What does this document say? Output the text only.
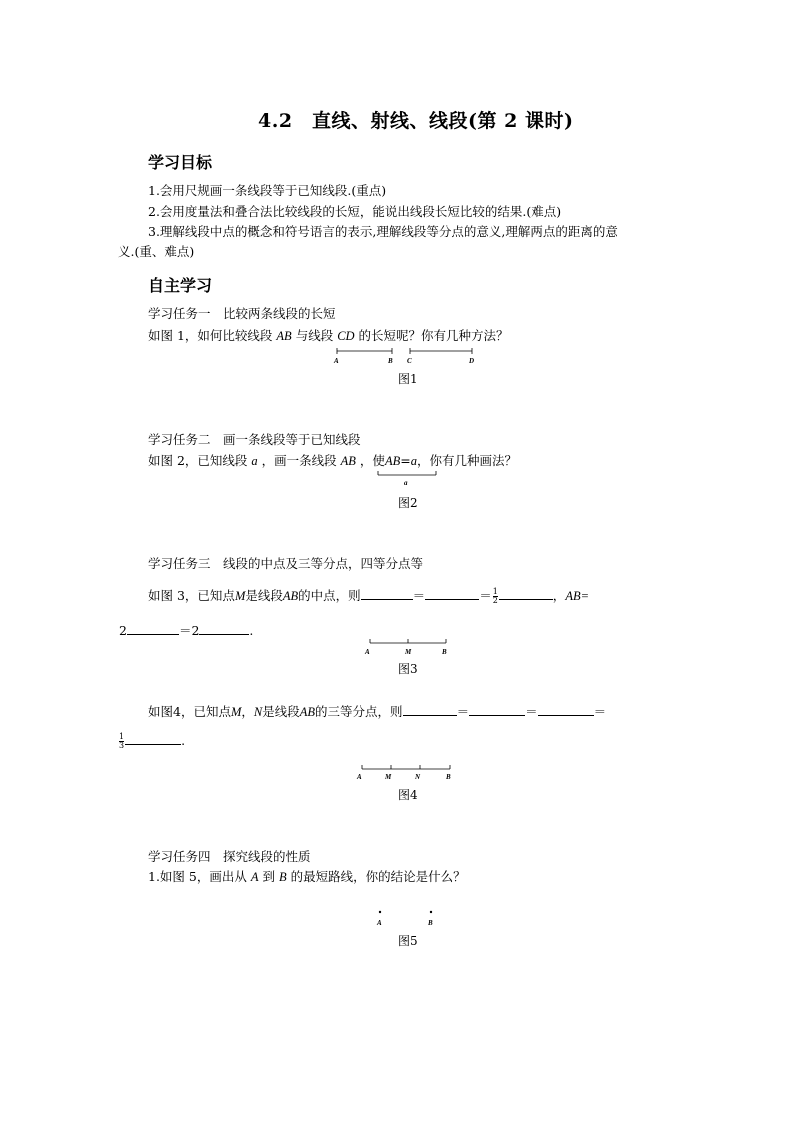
4.2　直线、射线、线段(第 2 课时)
学习目标
1.会用尺规画一条线段等于已知线段.(重点)
2.会用度量法和叠合法比较线段的长短，能说出线段长短比较的结果.(难点)
3.理解线段中点的概念和符号语言的表示,理解线段等分点的意义,理解两点的距离的意
义.(重、难点)
自主学习
学习任务一　比较两条线段的长短
如图 1，如何比较线段 AB 与线段 CD 的长短呢？你有几种方法？
A	B C	D
图1
学习任务二　画一条线段等于已知线段
如图 2，已知线段 a ，画一条线段 AB ，使AB=a，你有几种画法？
a
图2
学习任务三　线段的中点及三等分点，四等分点等
如图 3，已知点M是线段AB的中点，则	＝	＝ $\frac{1}{2}$	，AB=
2	＝2	.
A	M	B
图3
如图4，已知点M，N是线段AB的三等分点，则	＝	＝	＝
$\frac{1}{3}$	.
A	M	N	B
图4
学习任务四　探究线段的性质
1.如图 5，画出从 A 到 B 的最短路线，你的结论是什么？
A	B
图5
